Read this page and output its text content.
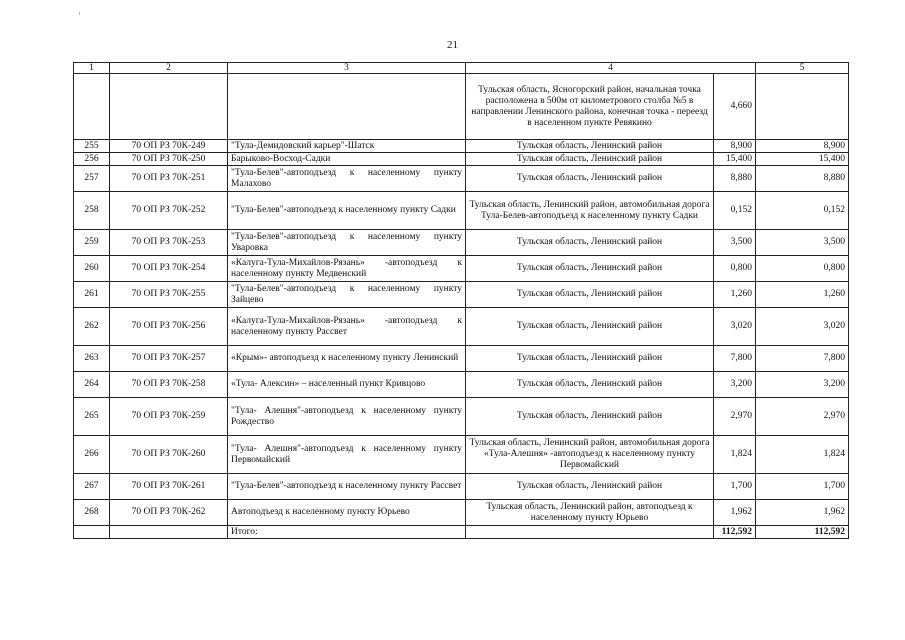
21
1	2	3	4		5
			Тульская область, Ясногорский район, начальная точка расположена в 500м от километрового столба №5 в направлении Ленинского района, конечная точка - переезд в населенном пункте Ревякино	4,660	
255	70 ОП РЗ 70К-249	"Тула-Демидовский карьер"-Шатск	Тульская область, Ленинский район	8,900	8,900
256	70 ОП РЗ 70К-250	Барыково-Восход-Садки	Тульская область, Ленинский район	15,400	15,400
257	70 ОП РЗ 70К-251	"Тула-Белев"-автоподъезд к населенному пункту Малахово	Тульская область, Ленинский район	8,880	8,880
258	70 ОП РЗ 70К-252	"Тула-Белев"-автоподъезд к населенному пункту Садки	Тульская область, Ленинский район, автомобильная дорога Тула-Белев-автоподъезд к населенному пункту Садки	0,152	0,152
259	70 ОП РЗ 70К-253	"Тула-Белев"-автоподъезд к населенному пункту Уваровка	Тульская область, Ленинский район	3,500	3,500
260	70 ОП РЗ 70К-254	«Калуга-Тула-Михайлов-Рязань» -автоподъезд к населенному пункту Медвенский	Тульская область, Ленинский район	0,800	0,800
261	70 ОП РЗ 70К-255	"Тула-Белев"-автоподъезд к населенному пункту Зайцево	Тульская область, Ленинский район	1,260	1,260
262	70 ОП РЗ 70К-256	«Калуга-Тула-Михайлов-Рязань» -автоподъезд к населенному пункту Рассвет	Тульская область, Ленинский район	3,020	3,020
263	70 ОП РЗ 70К-257	«Крым»- автоподъезд к населенному пункту Ленинский	Тульская область, Ленинский район	7,800	7,800
264	70 ОП РЗ 70К-258	«Тула- Алексин» – населенный пункт Кривцово	Тульская область, Ленинский район	3,200	3,200
265	70 ОП РЗ 70К-259	"Тула- Алешня"-автоподъезд к населенному пункту Рождество	Тульская область, Ленинский район	2,970	2,970
266	70 ОП РЗ 70К-260	"Тула- Алешня"-автоподъезд к населенному пункту Первомайский	Тульская область, Ленинский район, автомобильная дорога «Тула-Алешня» -автоподъезд к населенному пункту Первомайский	1,824	1,824
267	70 ОП РЗ 70К-261	"Тула-Белев"-автоподъезд к населенному пункту Рассвет	Тульская область, Ленинский район	1,700	1,700
268	70 ОП РЗ 70К-262	Автоподъезд к населенному пункту Юрьево	Тульская область, Ленинский район, автоподъезд к населенному пункту Юрьево	1,962	1,962
		Итого:		112,592	112,592
